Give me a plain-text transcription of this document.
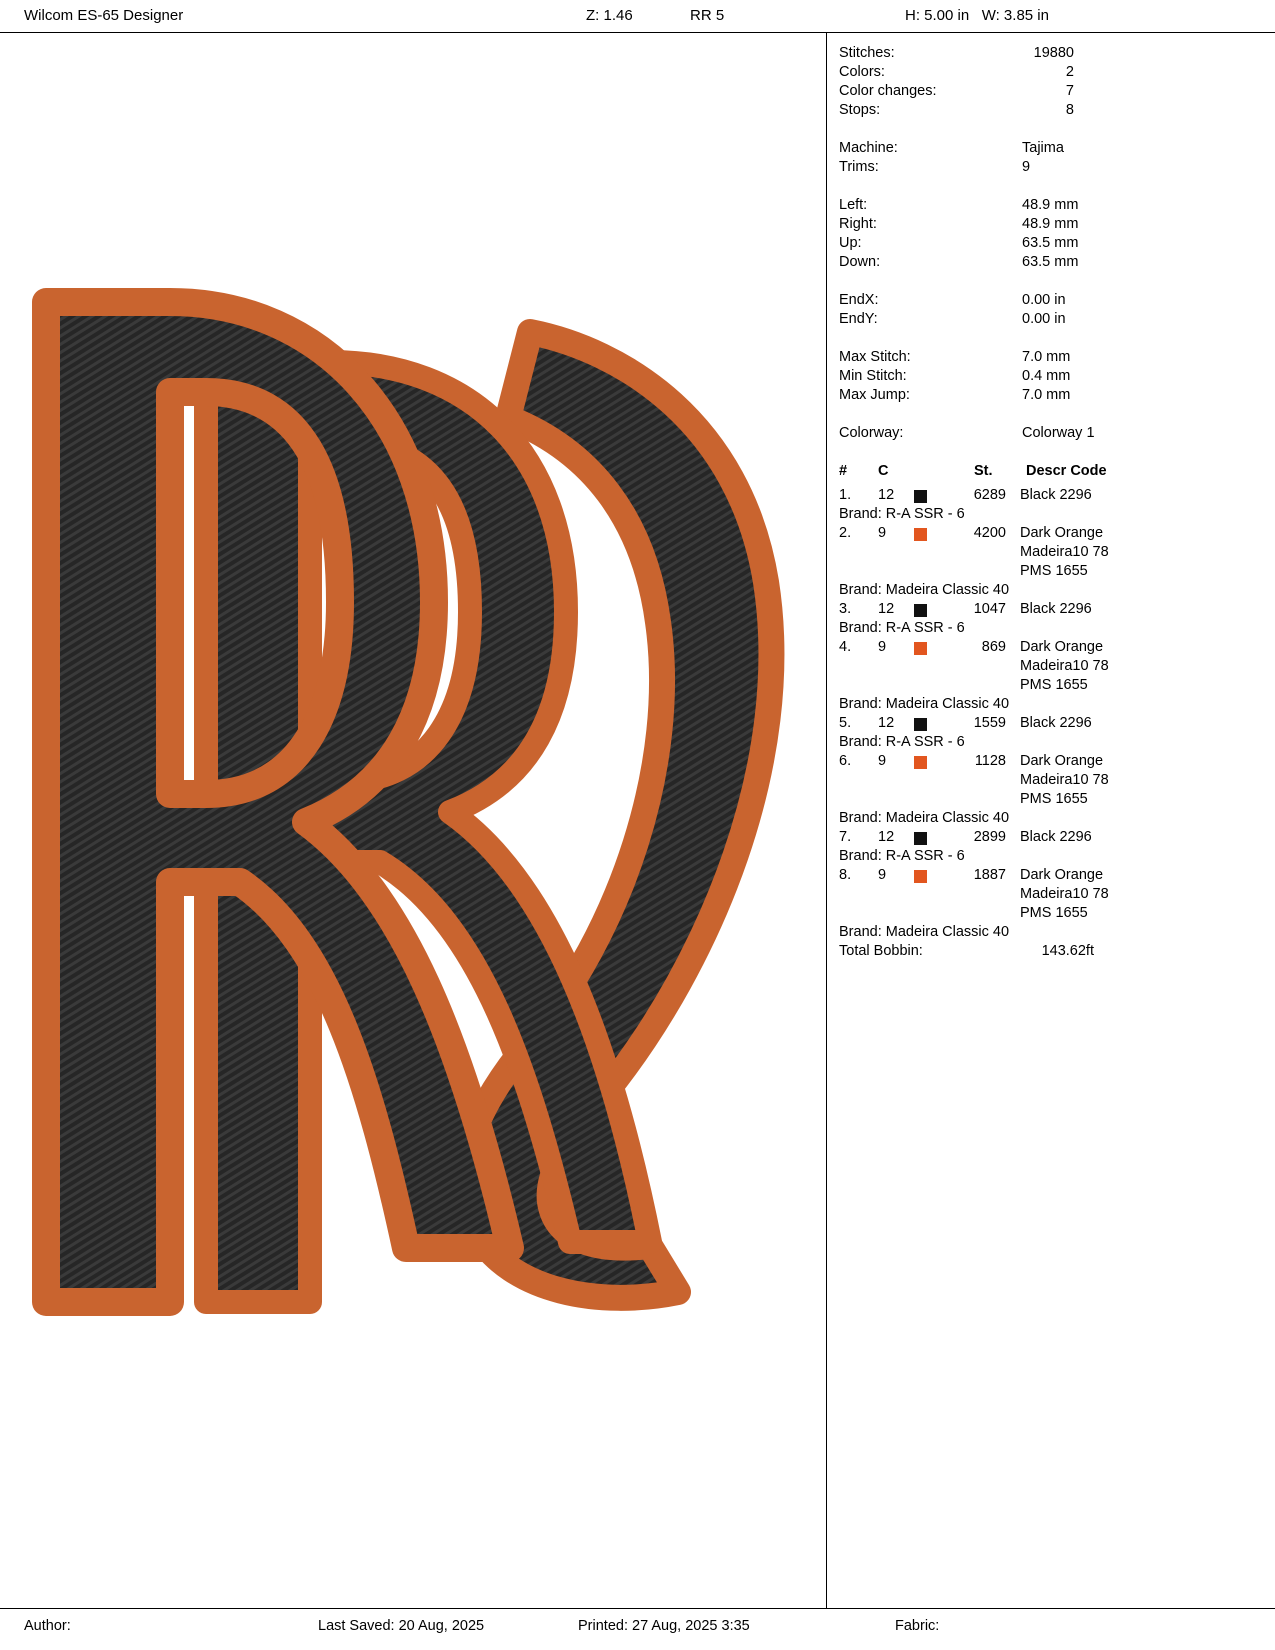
Wilcom ES-65 Designer	Z: 1.46	RR 5	H: 5.00 in   W: 3.85 in
Stitches:	19880
Colors:	2
Color changes:	7
Stops:	8
Machine:	Tajima
Trims:	9
Left:	48.9 mm
Right:	48.9 mm
Up:	63.5 mm
Down:	63.5 mm
EndX:	0.00 in
EndY:	0.00 in
Max Stitch:	7.0 mm
Min Stitch:	0.4 mm
Max Jump:	7.0 mm
Colorway:	Colorway 1
# C	St. Descr Code
1. 12	6289 Black 2296
Brand: R-A SSR - 6
2. 9	4200 Dark Orange
Madeira10 78
PMS 1655
Brand: Madeira Classic 40
3. 12	1047 Black 2296
Brand: R-A SSR - 6
4. 9	869 Dark Orange
Madeira10 78
PMS 1655
Brand: Madeira Classic 40
5. 12	1559 Black 2296
Brand: R-A SSR - 6
6. 9	1128 Dark Orange
Madeira10 78
PMS 1655
Brand: Madeira Classic 40
7. 12	2899 Black 2296
Brand: R-A SSR - 6
8. 9	1887 Dark Orange
Madeira10 78
PMS 1655
Brand: Madeira Classic 40
Total Bobbin:	143.62ft
Author:	Last Saved: 20 Aug, 2025	Printed: 27 Aug, 2025 3:35	Fabric:
